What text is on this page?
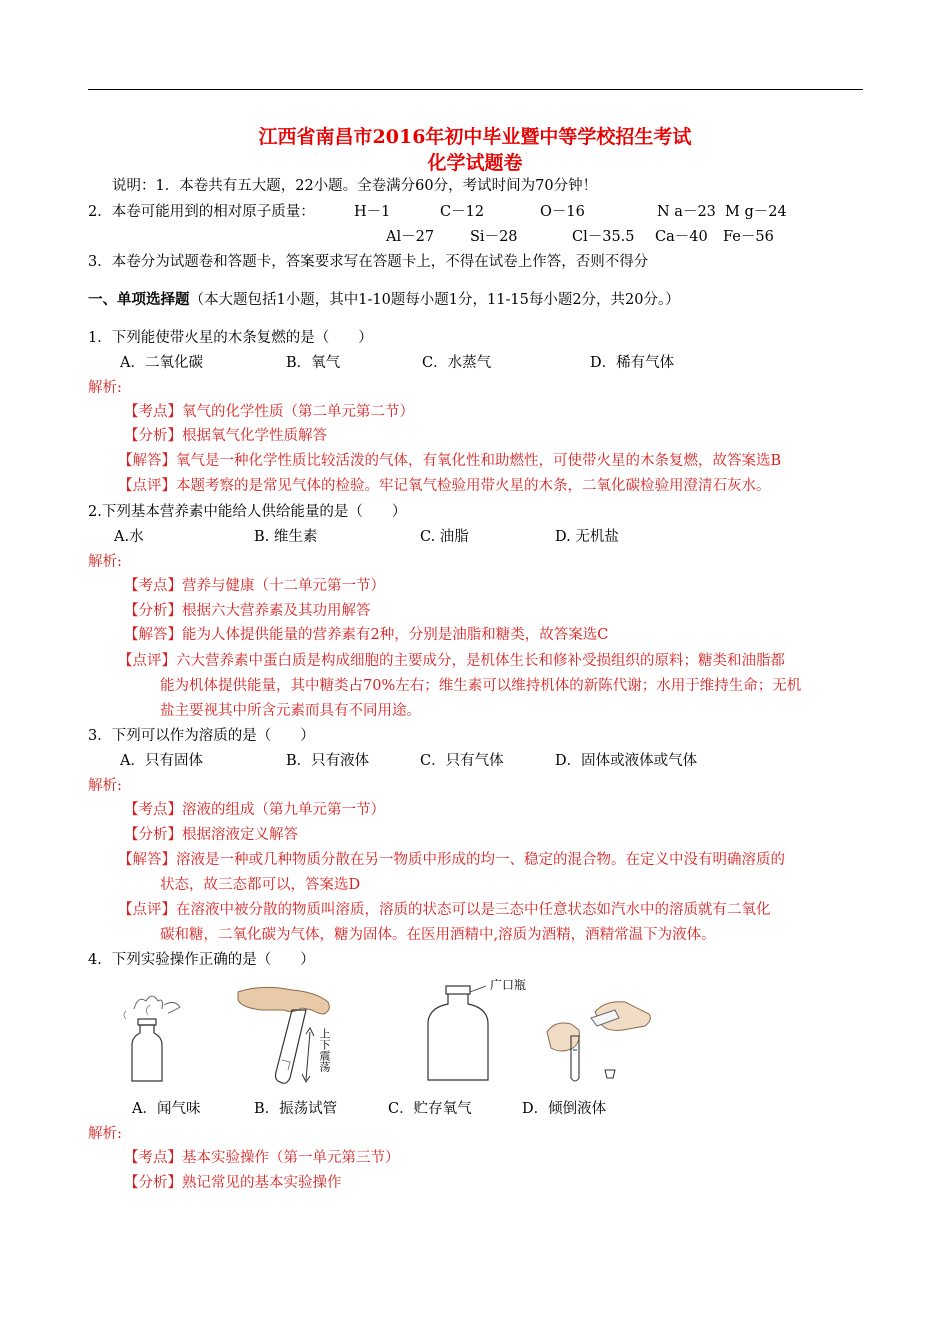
江西省南昌市2016年初中毕业暨中等学校招生考试
化学试题卷
说明：1．本卷共有五大题，22小题。全卷满分60分，考试时间为70分钟！
2．本卷可能用到的相对原子质量：	H－1	C－12	O－16	N a－23 M g－24
Al－27 Si－28	Cl－35.5 Ca－40 Fe－56
3．本卷分为试题卷和答题卡，答案要求写在答题卡上，不得在试卷上作答，否则不得分
一、单项选择题（本大题包括1小题，其中1-10题每小题1分，11-15每小题2分，共20分。）
1．下列能使带火星的木条复燃的是（　　）
A．二氧化碳	B．氧气	C．水蒸气	D．稀有气体
解析:
【考点】氧气的化学性质（第二单元第二节）
【分析】根据氧气化学性质解答
【解答】氧气是一种化学性质比较活泼的气体，有氧化性和助燃性，可使带火星的木条复燃，故答案选B
【点评】本题考察的是常见气体的检验。牢记氧气检验用带火星的木条，二氧化碳检验用澄清石灰水。
2.下列基本营养素中能给人供给能量的是（　　）
A.水	B. 维生素	C. 油脂	D. 无机盐
解析:
【考点】营养与健康（十二单元第一节）
【分析】根据六大营养素及其功用解答
【解答】能为人体提供能量的营养素有2种，分别是油脂和糖类，故答案选C
【点评】六大营养素中蛋白质是构成细胞的主要成分，是机体生长和修补受损组织的原料；糖类和油脂都
能为机体提供能量，其中糖类占70%左右；维生素可以维持机体的新陈代谢；水用于维持生命；无机
盐主要视其中所含元素而具有不同用途。
3．下列可以作为溶质的是（　　）
A．只有固体	B．只有液体	C．只有气体	D．固体或液体或气体
解析:
【考点】溶液的组成（第九单元第一节）
【分析】根据溶液定义解答
【解答】溶液是一种或几种物质分散在另一物质中形成的均一、稳定的混合物。在定义中没有明确溶质的
状态，故三态都可以，答案选D
【点评】在溶液中被分散的物质叫溶质，溶质的状态可以是三态中任意状态如汽水中的溶质就有二氧化
碳和糖，二氧化碳为气体，糖为固体。在医用酒精中,溶质为酒精，酒精常温下为液体。
4．下列实验操作正确的是（　　）
上下震荡
广口瓶
A．闻气味	B．振荡试管	C．贮存氧气	D．倾倒液体
解析:
【考点】基本实验操作（第一单元第三节）
【分析】熟记常见的基本实验操作
